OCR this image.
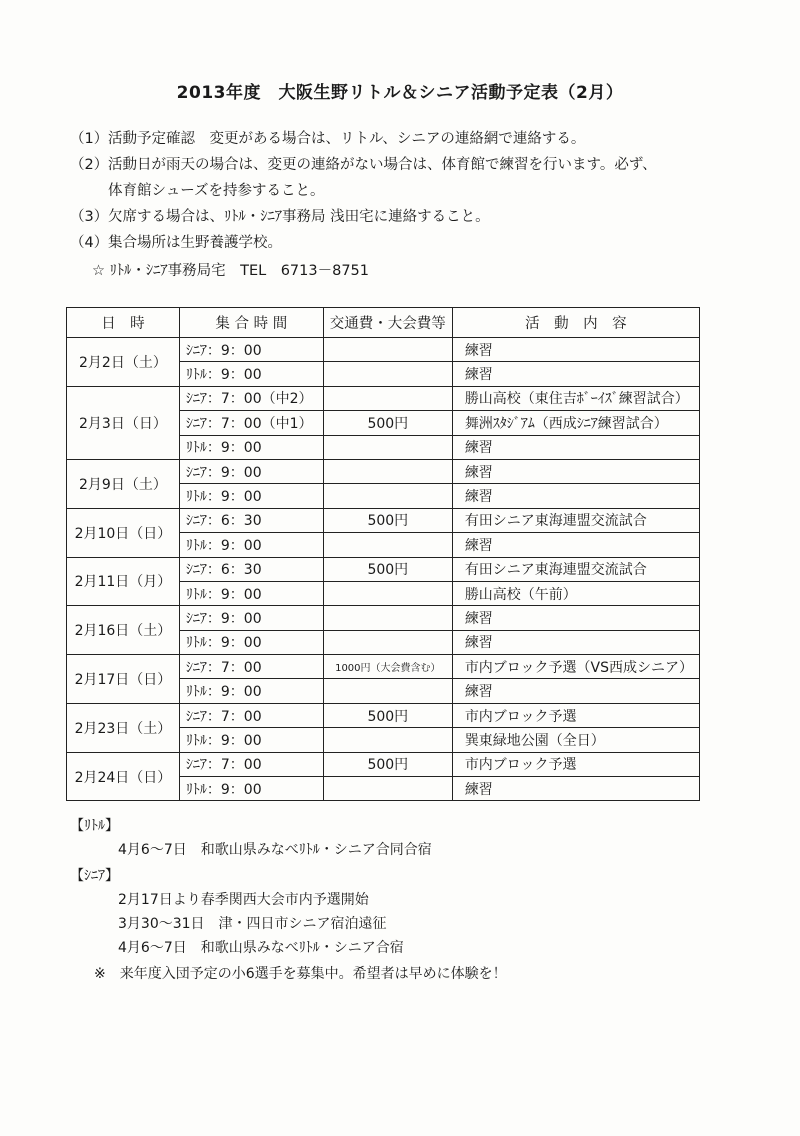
2013年度　大阪生野リトル＆シニア活動予定表（2月）
（1） 活動予定確認　変更がある場合は、リトル、シニアの連絡網で連絡する。
（2） 活動日が雨天の場合は、変更の連絡がない場合は、体育館で練習を行います。必ず、
体育館シューズを持参すること。
（3） 欠席する場合は、ﾘﾄﾙ・ｼﾆｱ事務局 浅田宅に連絡すること。
（4） 集合場所は生野養護学校。
☆ ﾘﾄﾙ・ｼﾆｱ事務局宅　TEL　6713－8751
日　時	集 合 時 間	交通費・大会費等	活　動　内　容
2月2日（土）	ｼﾆｱ：9：00		練習
	ﾘﾄﾙ：9：00		練習
2月3日（日）	ｼﾆｱ：7：00（中2）		勝山高校（東住吉ﾎﾞｰｲｽﾞ練習試合）
	ｼﾆｱ：7：00（中1）	500円	舞洲ｽﾀｼﾞｱﾑ（西成ｼﾆｱ練習試合）
	ﾘﾄﾙ：9：00		練習
2月9日（土）	ｼﾆｱ：9：00		練習
	ﾘﾄﾙ：9：00		練習
2月10日（日）	ｼﾆｱ：6：30	500円	有田シニア東海連盟交流試合
	ﾘﾄﾙ：9：00		練習
2月11日（月）	ｼﾆｱ：6：30	500円	有田シニア東海連盟交流試合
	ﾘﾄﾙ：9：00		勝山高校（午前）
2月16日（土）	ｼﾆｱ：9：00		練習
	ﾘﾄﾙ：9：00		練習
2月17日（日）	ｼﾆｱ：7：00	1000円（大会費含む）	市内ブロック予選（VS西成シニア）
	ﾘﾄﾙ：9：00		練習
2月23日（土）	ｼﾆｱ：7：00	500円	市内ブロック予選
	ﾘﾄﾙ：9：00		巽東緑地公園（全日）
2月24日（日）	ｼﾆｱ：7：00	500円	市内ブロック予選
	ﾘﾄﾙ：9：00		練習
【ﾘﾄﾙ】
4月6～7日　和歌山県みなべﾘﾄﾙ・シニア合同合宿
【ｼﾆｱ】
2月17日より春季関西大会市内予選開始
3月30～31日　津・四日市シニア宿泊遠征
4月6～7日　和歌山県みなべﾘﾄﾙ・シニア合宿
※　来年度入団予定の小6選手を募集中。希望者は早めに体験を！
